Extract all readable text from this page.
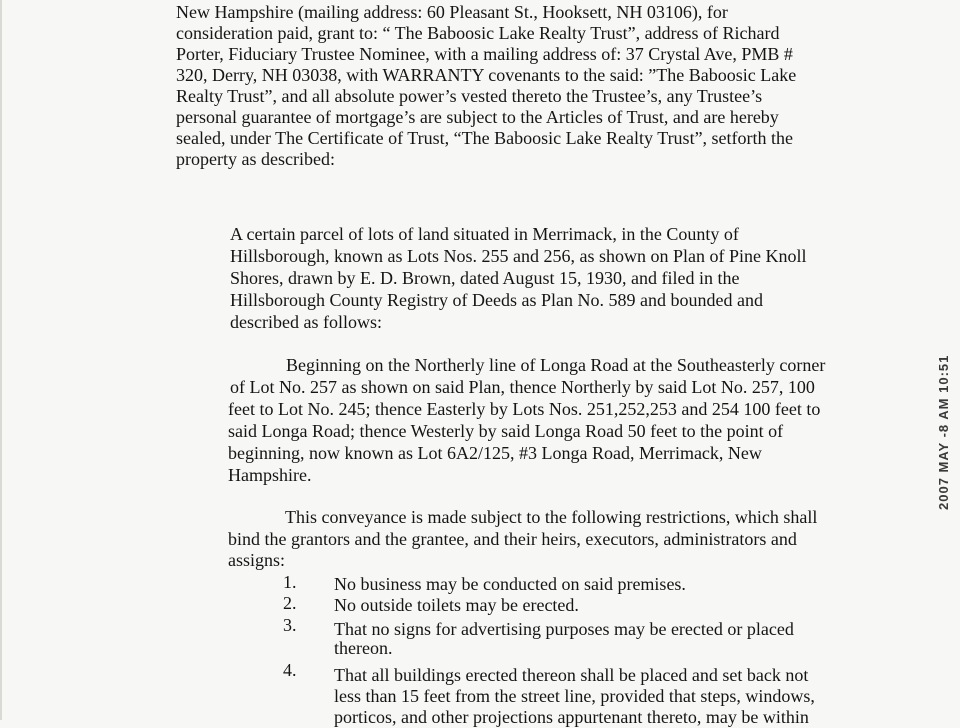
New Hampshire (mailing address: 60 Pleasant St., Hooksett, NH 03106), for
consideration paid, grant to: “ The Baboosic Lake Realty Trust”, address of Richard
Porter, Fiduciary Trustee Nominee, with a mailing address of: 37 Crystal Ave, PMB #
320, Derry, NH 03038, with WARRANTY covenants to the said: ”The Baboosic Lake
Realty Trust”, and all absolute power’s vested thereto the Trustee’s, any Trustee’s
personal guarantee of mortgage’s are subject to the Articles of Trust, and are hereby
sealed, under The Certificate of Trust, “The Baboosic Lake Realty Trust”, setforth the
property as described:
A certain parcel of lots of land situated in Merrimack, in the County of
Hillsborough, known as Lots Nos. 255 and 256, as shown on Plan of Pine Knoll
Shores, drawn by E. D. Brown, dated August 15, 1930, and filed in the
Hillsborough County Registry of Deeds as Plan No. 589 and bounded and
described as follows:
Beginning on the Northerly line of Longa Road at the Southeasterly corner
of Lot No. 257 as shown on said Plan, thence Northerly by said Lot No. 257, 100
feet to Lot No. 245; thence Easterly by Lots Nos. 251,252,253 and 254 100 feet to
said Longa Road; thence Westerly by said Longa Road 50 feet to the point of
beginning, now known as Lot 6A2/125, #3 Longa Road, Merrimack, New
Hampshire.
This conveyance is made subject to the following restrictions, which shall
bind the grantors and the grantee, and their heirs, executors, administrators and
assigns:
1. No business may be conducted on said premises.
2. No outside toilets may be erected.
3. That no signs for advertising purposes may be erected or placed
thereon.
4. That all buildings erected thereon shall be placed and set back not
less than 15 feet from the street line, provided that steps, windows,
porticos, and other projections appurtenant thereto, may be within
2007 MAY -8 AM 10:51
